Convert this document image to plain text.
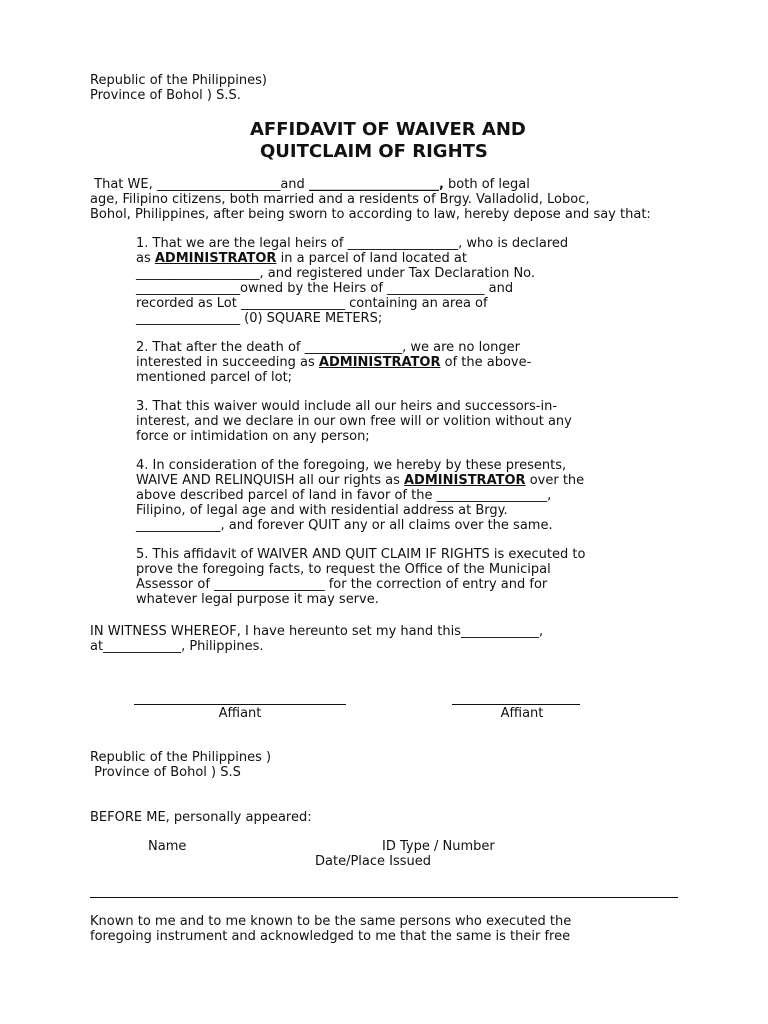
Republic of the Philippines)

Province of Bohol ) S.S.

AFFIDAVIT OF WAIVER AND

QUITCLAIM OF RIGHTS

That WE, ___________________and ____________________, both of legal

age, Filipino citizens, both married and a residents of Brgy. Valladolid, Loboc,

Bohol, Philippines, after being sworn to according to law, hereby depose and say that:

1. That we are the legal heirs of _________________, who is declared

as ADMINISTRATOR in a parcel of land located at

___________________, and registered under Tax Declaration No.

________________owned by the Heirs of _______________ and

recorded as Lot ________________ containing an area of

________________ (0) SQUARE METERS;

2. That after the death of _______________, we are no longer

interested in succeeding as ADMINISTRATOR of the above-

mentioned parcel of lot;

3. That this waiver would include all our heirs and successors-in-

interest, and we declare in our own free will or volition without any

force or intimidation on any person;

4. In consideration of the foregoing, we hereby by these presents,

WAIVE AND RELINQUISH all our rights as ADMINISTRATOR over the

above described parcel of land in favor of the _________________,

Filipino, of legal age and with residential address at Brgy.

_____________, and forever QUIT any or all claims over the same.

5. This affidavit of WAIVER AND QUIT CLAIM IF RIGHTS is executed to

prove the foregoing facts, to request the Office of the Municipal

Assessor of _________________ for the correction of entry and for

whatever legal purpose it may serve.

IN WITNESS WHEREOF, I have hereunto set my hand this____________,

at____________, Philippines.

Affiant	Affiant

Republic of the Philippines )

Province of Bohol ) S.S

BEFORE ME, personally appeared:

Name	ID Type / Number

Date/Place Issued

Known to me and to me known to be the same persons who executed the

foregoing instrument and acknowledged to me that the same is their free
